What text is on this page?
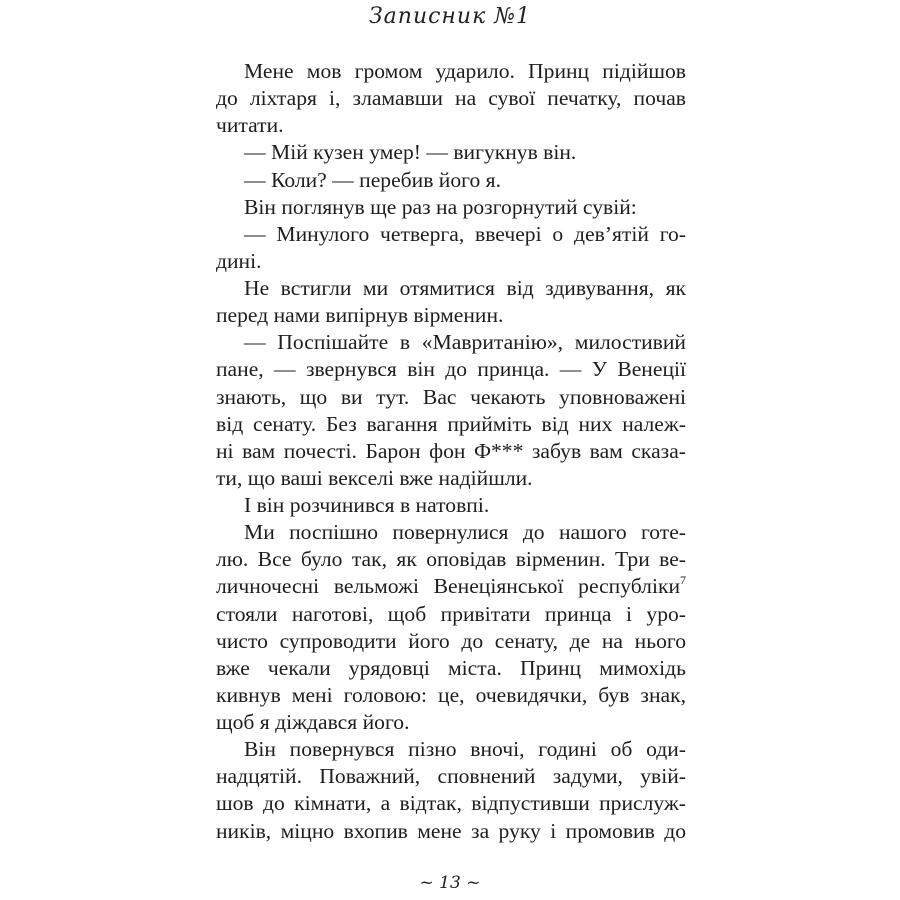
Записник №1
Мене мов громом ударило. Принц підійшов
до ліхтаря і, зламавши на сувої печатку, почав
читати.
— Мій кузен умер! — вигукнув він.
— Коли? — перебив його я.
Він поглянув ще раз на розгорнутий сувій:
— Минулого четверга, ввечері о дев’ятій го-
дині.
Не встигли ми отямитися від здивування, як
перед нами випірнув вірменин.
— Поспішайте в «Мавританію», милостивий
пане, — звернувся він до принца. — У Венеції
знають, що ви тут. Вас чекають уповноважені
від сенату. Без вагання прийміть від них належ-
ні вам почесті. Барон фон Ф*** забув вам сказа-
ти, що ваші векселі вже надійшли.
І він розчинився в натовпі.
Ми поспішно повернулися до нашого готе-
лю. Все було так, як оповідав вірменин. Три ве-
личночесні вельможі Венеціянської республіки$^7$
стояли наготові, щоб привітати принца і уро-
чисто супроводити його до сенату, де на нього
вже чекали урядовці міста. Принц мимохідь
кивнув мені головою: це, очевидячки, був знак,
щоб я діждався його.
Він повернувся пізно вночі, годині об оди-
надцятій. Поважний, сповнений задуми, увій-
шов до кімнати, а відтак, відпустивши прислуж-
ників, міцно вхопив мене за руку і промовив до
~ 13 ~
